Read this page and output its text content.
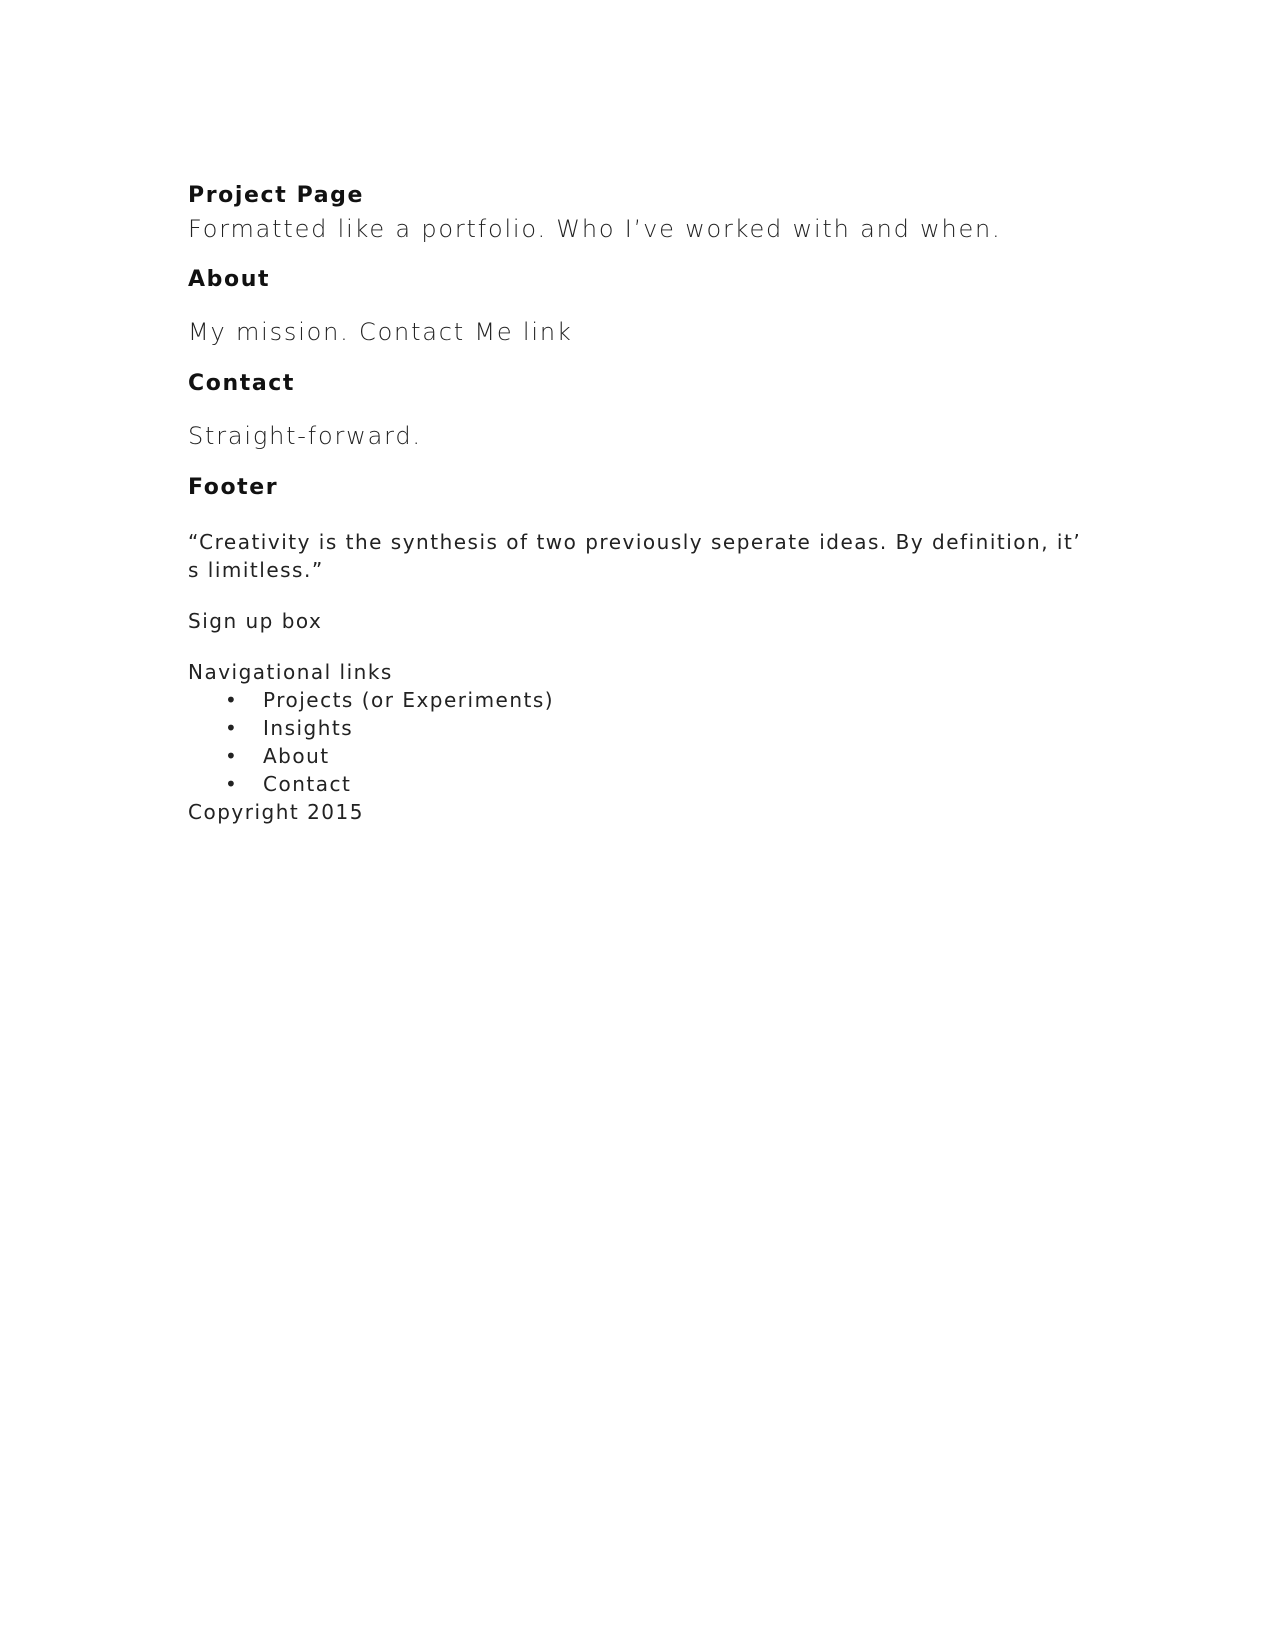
Project Page
Formatted like a portfolio. Who I’ve worked with and when.
About
My mission. Contact Me link
Contact
Straight-forward.
Footer
“Creativity is the synthesis of two previously seperate ideas. By definition, it’ s limitless.”
Sign up box
Navigational links
• Projects (or Experiments)
• Insights
• About
• Contact
Copyright 2015
